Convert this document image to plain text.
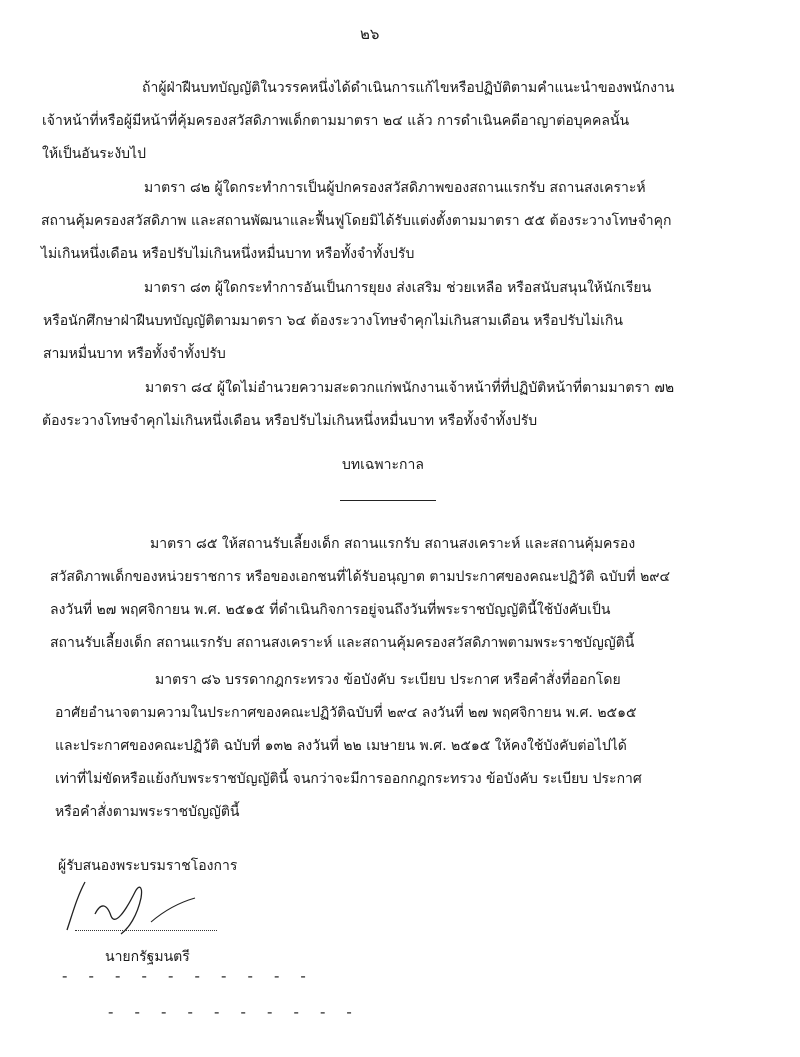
๒๖
ถ้าผู้ฝ่าฝืนบทบัญญัติในวรรคหนึ่งได้ดำเนินการแก้ไขหรือปฏิบัติตามคำแนะนำของพนักงาน
เจ้าหน้าที่หรือผู้มีหน้าที่คุ้มครองสวัสดิภาพเด็กตามมาตรา ๒๔ แล้ว การดำเนินคดีอาญาต่อบุคคลนั้น
ให้เป็นอันระงับไป
มาตรา ๘๒ ผู้ใดกระทำการเป็นผู้ปกครองสวัสดิภาพของสถานแรกรับ สถานสงเคราะห์
สถานคุ้มครองสวัสดิภาพ และสถานพัฒนาและฟื้นฟูโดยมิได้รับแต่งตั้งตามมาตรา ๕๕ ต้องระวางโทษจำคุก
ไม่เกินหนึ่งเดือน หรือปรับไม่เกินหนึ่งหมื่นบาท หรือทั้งจำทั้งปรับ
มาตรา ๘๓ ผู้ใดกระทำการอันเป็นการยุยง ส่งเสริม ช่วยเหลือ หรือสนับสนุนให้นักเรียน
หรือนักศึกษาฝ่าฝืนบทบัญญัติตามมาตรา ๖๔ ต้องระวางโทษจำคุกไม่เกินสามเดือน หรือปรับไม่เกิน
สามหมื่นบาท หรือทั้งจำทั้งปรับ
มาตรา ๘๔ ผู้ใดไม่อำนวยความสะดวกแก่พนักงานเจ้าหน้าที่ที่ปฏิบัติหน้าที่ตามมาตรา ๗๒
ต้องระวางโทษจำคุกไม่เกินหนึ่งเดือน หรือปรับไม่เกินหนึ่งหมื่นบาท หรือทั้งจำทั้งปรับ
บทเฉพาะกาล
มาตรา ๘๕ ให้สถานรับเลี้ยงเด็ก สถานแรกรับ สถานสงเคราะห์ และสถานคุ้มครอง
สวัสดิภาพเด็กของหน่วยราชการ หรือของเอกชนที่ได้รับอนุญาต ตามประกาศของคณะปฏิวัติ ฉบับที่ ๒๙๔
ลงวันที่ ๒๗ พฤศจิกายน พ.ศ. ๒๕๑๕ ที่ดำเนินกิจการอยู่จนถึงวันที่พระราชบัญญัตินี้ใช้บังคับเป็น
สถานรับเลี้ยงเด็ก สถานแรกรับ สถานสงเคราะห์ และสถานคุ้มครองสวัสดิภาพตามพระราชบัญญัตินี้
มาตรา ๘๖ บรรดากฎกระทรวง ข้อบังคับ ระเบียบ ประกาศ หรือคำสั่งที่ออกโดย
อาศัยอำนาจตามความในประกาศของคณะปฏิวัติฉบับที่ ๒๙๔ ลงวันที่ ๒๗ พฤศจิกายน พ.ศ. ๒๕๑๕
และประกาศของคณะปฏิวัติ ฉบับที่ ๑๓๒ ลงวันที่ ๒๒ เมษายน พ.ศ. ๒๕๑๕ ให้คงใช้บังคับต่อไปได้
เท่าที่ไม่ขัดหรือแย้งกับพระราชบัญญัตินี้ จนกว่าจะมีการออกกฎกระทรวง ข้อบังคับ ระเบียบ ประกาศ
หรือคำสั่งตามพระราชบัญญัตินี้
ผู้รับสนองพระบรมราชโองการ
นายกรัฐมนตรี
- - - - - - - - - -
- - - - - - - - - -
